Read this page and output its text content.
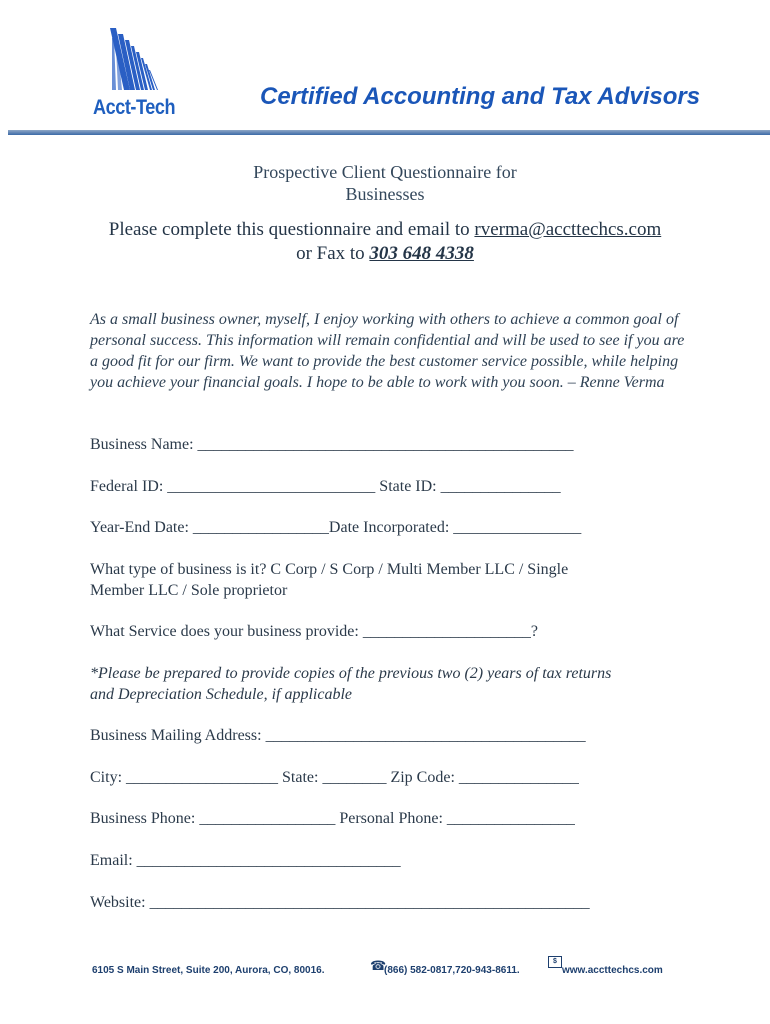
Acct-Tech	Certified Accounting and Tax Advisors
Prospective Client Questionnaire for
Businesses
Please complete this questionnaire and email to rverma@accttechcs.com
or Fax to 303 648 4338
As a small business owner, myself, I enjoy working with others to achieve a common goal of personal success. This information will remain confidential and will be used to see if you are a good fit for our firm. We want to provide the best customer service possible, while helping you achieve your financial goals. I hope to be able to work with you soon. – Renne Verma
Business Name: _______________________________________________
Federal ID: __________________________ State ID: _______________
Year-End Date: _________________Date Incorporated: ________________
What type of business is it? C Corp / S Corp / Multi Member LLC / Single
Member LLC / Sole proprietor
What Service does your business provide: _____________________?
*Please be prepared to provide copies of the previous two (2) years of tax returns
and Depreciation Schedule, if applicable
Business Mailing Address: ________________________________________
City: ___________________ State: ________ Zip Code: _______________
Business Phone: _________________ Personal Phone: ________________
Email: _________________________________
Website: _______________________________________________________
6105 S Main Street, Suite 200, Aurora, CO, 80016.	☎
(866) 582-0817,720-943-8611.
$
www.accttechcs.com
